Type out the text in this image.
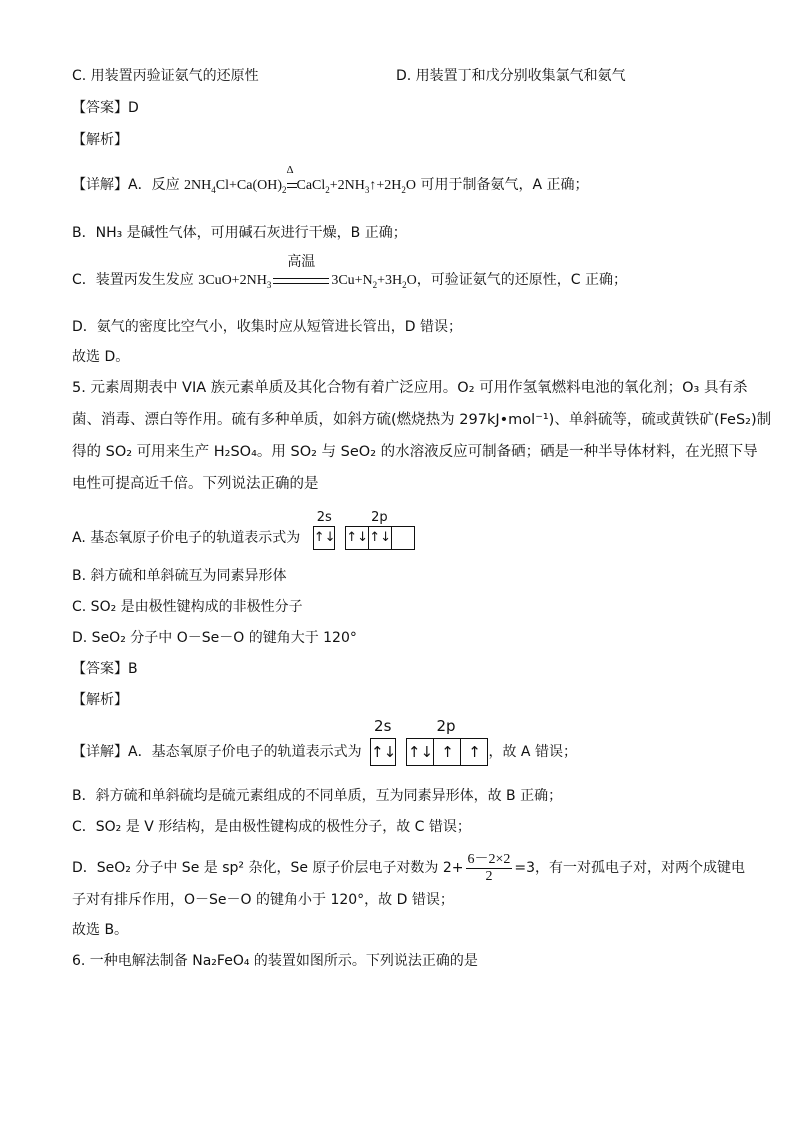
C. 用装置丙验证氨气的还原性	D. 用装置丁和戊分别收集氯气和氨气
【答案】D
【解析】
【详解】A．反应 $2NH_4Cl+Ca(OH)_2$
Δ
$CaCl_2+2NH_3↑+2H_2O$ 可用于制备氨气，A 正确；
B．NH₃ 是碱性气体，可用碱石灰进行干燥，B 正确；
C．装置丙发生发应 $3CuO+2NH_3$
高温
$3Cu+N_2+3H_2O$，可验证氨气的还原性，C 正确；
D．氨气的密度比空气小，收集时应从短管进长管出，D 错误；
故选 D。
5. 元素周期表中 VIA 族元素单质及其化合物有着广泛应用。O₂ 可用作氢氧燃料电池的氧化剂；O₃ 具有杀
菌、消毒、漂白等作用。硫有多种单质，如斜方硫(燃烧热为 297kJ•mol⁻¹)、单斜硫等，硫或黄铁矿(FeS₂)制
得的 SO₂ 可用来生产 H₂SO₄。用 SO₂ 与 SeO₂ 的水溶液反应可制备硒；硒是一种半导体材料，在光照下导
电性可提高近千倍。下列说法正确的是
A. 基态氧原子价电子的轨道表示式为
2s
↑↓
2p
↑↓↑↓
B. 斜方硫和单斜硫互为同素异形体
C. SO₂ 是由极性键构成的非极性分子
D. SeO₂ 分子中 O－Se－O 的键角大于 120°
【答案】B
【解析】
【详解】A．基态氧原子价电子的轨道表示式为
2s
↑↓
2p
↑↓ ↑ ↑ ，故 A 错误；
B．斜方硫和单斜硫均是硫元素组成的不同单质，互为同素异形体，故 B 正确；
C．SO₂ 是 V 形结构，是由极性键构成的极性分子，故 C 错误；
D．SeO₂ 分子中 Se 是 sp² 杂化，Se 原子价层电子对数为 $2+ \frac{6-2\times 2}{2} =3$，有一对孤电子对，对两个成键电
子对有排斥作用，O－Se－O 的键角小于 120°，故 D 错误；
故选 B。
6. 一种电解法制备 Na₂FeO₄ 的装置如图所示。下列说法正确的是
